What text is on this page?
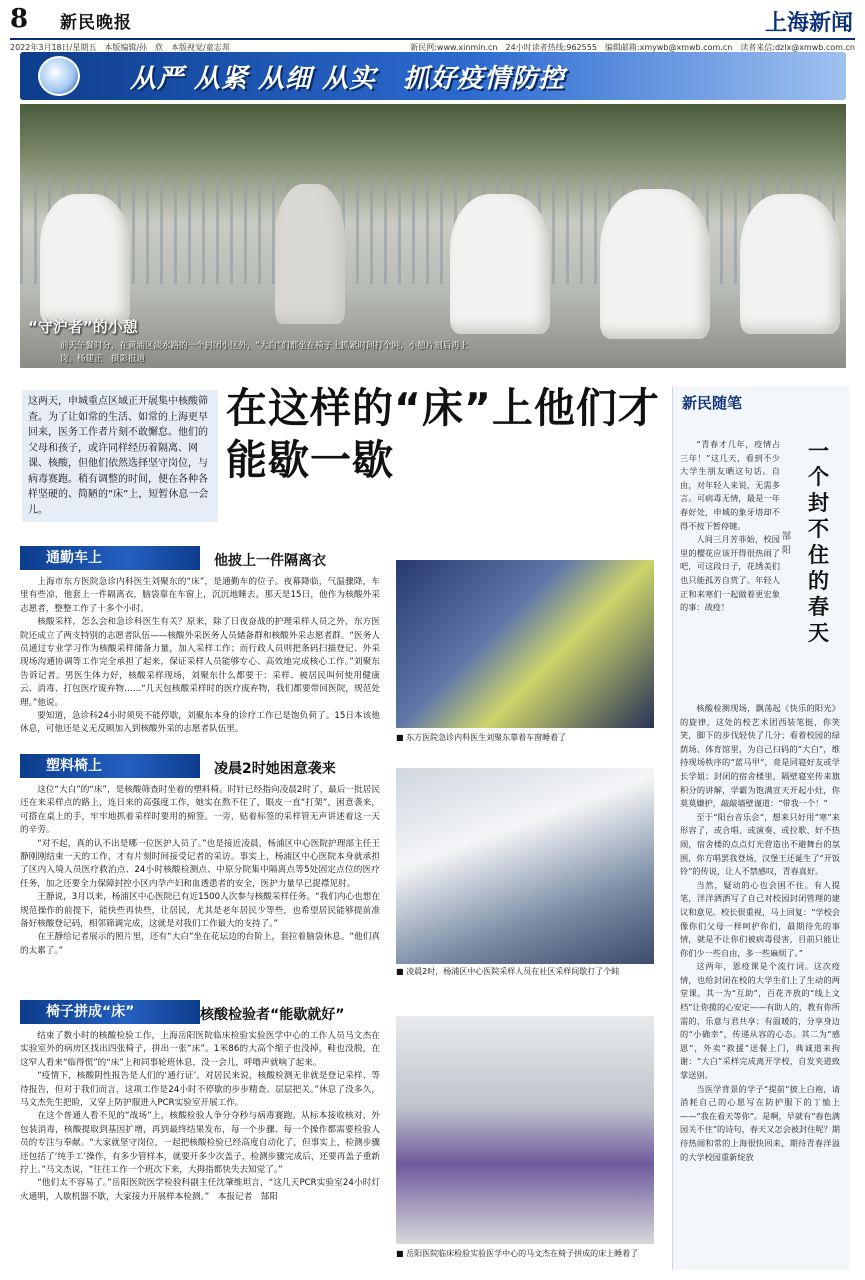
8 新民晚报	上海新闻
2022年3月18日/星期五　本版编辑/孙　欣　本版视觉/童志邦	新民网:www.xinmin.cn　24小时读者热线:962555　编辑邮箱:xmywb@xmwb.com.cn　读者来信:dzlx@xmwb.com.cn
从严 从紧 从细 从实　抓好疫情防控
“守沪者”的小憩
前天午餐时分，在黄浦区淡水路的一个封闭小区外，“大白”们都坐在椅子上抓紧时间打个盹，小憩片刻后再上岗。杨建正　摄影报道
这两天，申城重点区域正开展集中核酸筛查。为了让如常的生活、如常的上海更早回来，医务工作者片刻不敢懈怠。他们的父母和孩子，或许同样经历着隔离、网课、核酸，但他们依然选择坚守岗位，与病毒赛跑。稍有调整的时间，便在各种各样坚硬的、简陋的“床”上，短暂休息一会儿。
在这样的“床”上他们才能歇一歇
通勤车上	他披上一件隔离衣

上海市东方医院急诊内科医生刘聚东的“床”，是通勤车的位子。夜幕降临，气温骤降，车里有些凉，他套上一件隔离衣，脑袋靠在车窗上，沉沉地睡去。那天是15日，他作为核酸外采志愿者，整整工作了十多个小时。

核酸采样，怎么会和急诊科医生有关？原来，除了日夜奋战的护理采样人员之外，东方医院还成立了两支特别的志愿者队伍——核酸外采医务人员储备群和核酸外采志愿者群。“医务人员通过专业学习作为核酸采样储备力量，加入采样工作；而行政人员则把条码扫描登记、外采现场沟通协调等工作完全承担了起来，保证采样人员能够专心、高效地完成核心工作。”刘聚东告诉记者。男医生体力好，核酸采样现场，刘聚东什么都要干：采样、被居民叫何使用健康云、消毒、打包医疗废弃物……“几天包核酸采样时的医疗废弃物，我们都要带回医院，规范处理。”他说。

要知道，急诊科24小时须臾不能停歇，刘聚东本身的诊疗工作已是饱负荷了。15日本该他休息，可他还是义无反顾加入到核酸外采的志愿者队伍里。

■ 东方医院急诊内科医生刘聚东靠着车窗睡着了
塑料椅上	凌晨2时她困意袭来

这位“大白”的“床”，是核酸筛查时坐着的塑料椅。时针已经指向凌晨2时了，最后一批居民还在来采样点的路上，连日来的高强度工作，她实在熬不住了，眼皮一直“打架”，困意袭来，可搭在桌上的手，牢牢地抓着采样时要用的棉签。一旁，贴着标签的采样管无声讲述着这一天的辛劳。

“对不起，真的认不出是哪一位医护人员了。”也是接近凌晨，杨浦区中心医院护理部主任王静刚刚结束一天的工作，才有片刻时间接受记者的采访。事实上，杨浦区中心医院本身就承担了区内入境人员医疗救治点、24小时核酸检测点、中原分院集中隔离点等5处固定点位的医疗任务，加之还要全力保障封控小区内孕产妇和血透患者的安全，医护力量早已捉襟见肘。

王静说，3月以来，杨浦区中心医院已有近1500人次参与核酸采样任务。“我们内心也想在规范操作的前提下，能快些再快些，让居民，尤其是老年居民少等些，也希望居民能够提前准备好核酸登记码，相邻筛调完成，这就是对我们工作最大的支持了。”

在王静给记者展示的照片里，还有“大白”坐在花坛边的台阶上，套拉着脑袋休息。“他们真的太累了。”

■ 凌晨2时，杨浦区中心医院采样人员在社区采样间歇打了个盹
椅子拼成“床”	核酸检验者“能歇就好”

结束了数小时的核酸检验工作，上海岳阳医院临床检验实验医学中心的工作人员马文杰在实验室外的病房区找出四张椅子，拼出一张“床”。1米86的大高个缩子也没掉，鞋也没脱，在这窄人看来“临得慌”的“床”上和同事轮班休息，没一会儿，呼噜声就响了起来。

“疫情下，核酸阴性报告是人们的‘通行证’。对居民来说，核酸检测无非就是登记采样、等待报告，但对于我们而言，这项工作是24小时不停歇的步步精查、层层把关。”休息了没多久，马文杰先生把睑，又穿上防护服进入PCR实验室开展工作。

在这个普通人看不见的“战场”上，核酸检验人争分夺秒与病毒赛跑。从标本接收核对、外包装消毒，核酸提取到基因扩增，再到最终结果发布，每一个步骤、每一个操作都需要检验人员的专注与奉献。“大家就坚守岗位，一起把核酸检验已经高度自动化了，但事实上，检测步骤还包括了‘纯手工’操作，有多少管样本，就要开多少次盖子，检测步骤完成后，还要再盖子重新拧上。”马文杰说，“往往工作一个班次下来，大拇指都快失去知觉了。”

“他们太不容易了。”岳阳医院医学检验科副主任沈肇维坦言，“这几天PCR实验室24小时灯火通明，人歇机器不歇，大家接力开展样本检测。”　本报记者　郜阳

■ 岳阳医院临床检验实验医学中心的马文杰在椅子拼成的床上睡着了
新民随笔
一个封不住的春天
郜阳

“青春才几年，疫情占三年！”这几天，看到不少大学生朋友晒这句话。自由，对年轻人来说，无需多言。可病毒无情，最是一年春好处，申城的象牙塔却不得不按下暂停键。

人间三月芳菲始，校园里的樱花应该开得很热闹了吧，可这段日子，花绣美们也只能孤芳自赏了。年轻人正和来寒们一起做着更宏象的事：战疫！

核酸检测现场，飘荡起《快乐的阳光》的旋律，这处的校艺术团西装笔挺，你笑笑，脚下的步伐轻快了几分；看着校园的绿荫场、体育馆里，为自己扫码的“大白”，维持现场秩序的“蓝马甲”，竟是同寝好友或学长学姐；封闭的宿舍楼里，隔壁寝室传来旗积分的讲解，学霸为饱满宣天开起小灶，你莫莫嫌护，敲敲墙壁谨道：“带我一个！”

至于“阳台音乐会”，想来只好用“寒”来形容了，或合唱、或演奏、或拉歌、好不热闹，宿舍楼的点点灯光营造出不避舞台的氛围，你方唱罢我登场，汉堡王还诞生了“开饭铃”的传说，让人不禁感叹，青春真好。

当然，疑动的心也会困不住。有人提笔，洋洋洒洒写了自己对校园封闭管理的建议和意见。校长很重视，马上回复：“学校会像你们父母一样呵护你们，最期待先的事情，就是不让你们被病毒侵害，目前只能让你们少一些自由，多一些麻烦了。”

这两年，恩疫课是个流行词。这次疫情，也给封闭在校的大学生们上了生动的两堂课。其一为“互助”，百花齐放的“线上文档”让你揽的心安定——有助人的，教有你所需的，乐意与君共享；有温暖的，分享身边的“小确幸”，传递从容的心态。其二为“感恩”，外卖“救援”送餐上门，典诚道来拘谢：“大白”采样完成离开学校，自发夹道致掌送别。

当医学背景的学子“提前”披上白袍，请消耗自己的心愿写在防护服下的丁恤上——“我在看天等你”。是啊，早就有“春色满园关不住”的诗句，春天又怎会被封住呢？期待热闹和常的上海很快回来，期待青春洋溢的大学校园重新绽放
